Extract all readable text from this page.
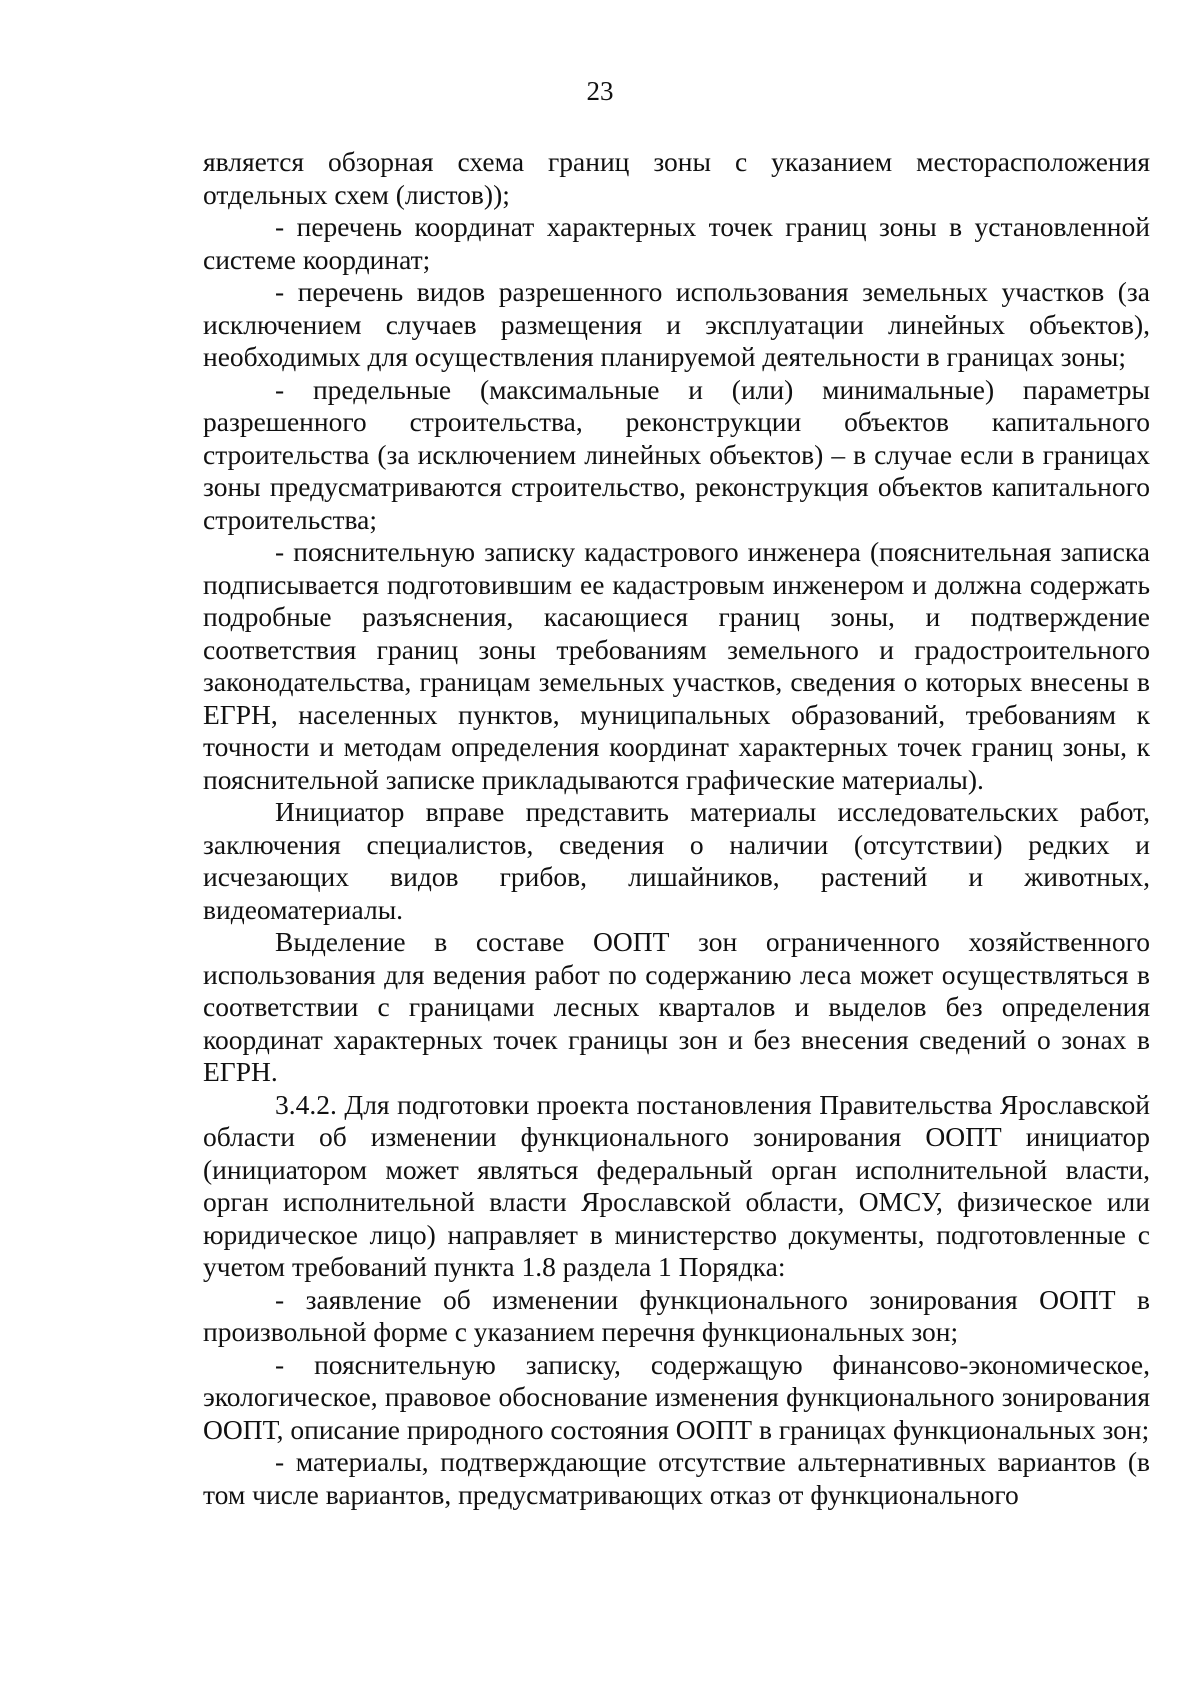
23

является обзорная схема границ зоны с указанием месторасположения отдельных схем (листов));

- перечень координат характерных точек границ зоны в установленной системе координат;

- перечень видов разрешенного использования земельных участков (за исключением случаев размещения и эксплуатации линейных объектов), необходимых для осуществления планируемой деятельности в границах зоны;

- предельные (максимальные и (или) минимальные) параметры разрешенного строительства, реконструкции объектов капитального строительства (за исключением линейных объектов) – в случае если в границах зоны предусматриваются строительство, реконструкция объектов капитального строительства;

- пояснительную записку кадастрового инженера (пояснительная записка подписывается подготовившим ее кадастровым инженером и должна содержать подробные разъяснения, касающиеся границ зоны, и подтверждение соответствия границ зоны требованиям земельного и градостроительного законодательства, границам земельных участков, сведения о которых внесены в ЕГРН, населенных пунктов, муниципальных образований, требованиям к точности и методам определения координат характерных точек границ зоны, к пояснительной записке прикладываются графические материалы).

Инициатор вправе представить материалы исследовательских работ, заключения специалистов, сведения о наличии (отсутствии) редких и исчезающих видов грибов, лишайников, растений и животных, видеоматериалы.

Выделение в составе ООПТ зон ограниченного хозяйственного использования для ведения работ по содержанию леса может осуществляться в соответствии с границами лесных кварталов и выделов без определения координат характерных точек границы зон и без внесения сведений о зонах в ЕГРН.

3.4.2. Для подготовки проекта постановления Правительства Ярославской области об изменении функционального зонирования ООПТ инициатор (инициатором может являться федеральный орган исполнительной власти, орган исполнительной власти Ярославской области, ОМСУ, физическое или юридическое лицо) направляет в министерство документы, подготовленные с учетом требований пункта 1.8 раздела 1 Порядка:

- заявление об изменении функционального зонирования ООПТ в произвольной форме с указанием перечня функциональных зон;

- пояснительную записку, содержащую финансово-экономическое, экологическое, правовое обоснование изменения функционального зонирования ООПТ, описание природного состояния ООПТ в границах функциональных зон;

- материалы, подтверждающие отсутствие альтернативных вариантов (в том числе вариантов, предусматривающих отказ от функционального
